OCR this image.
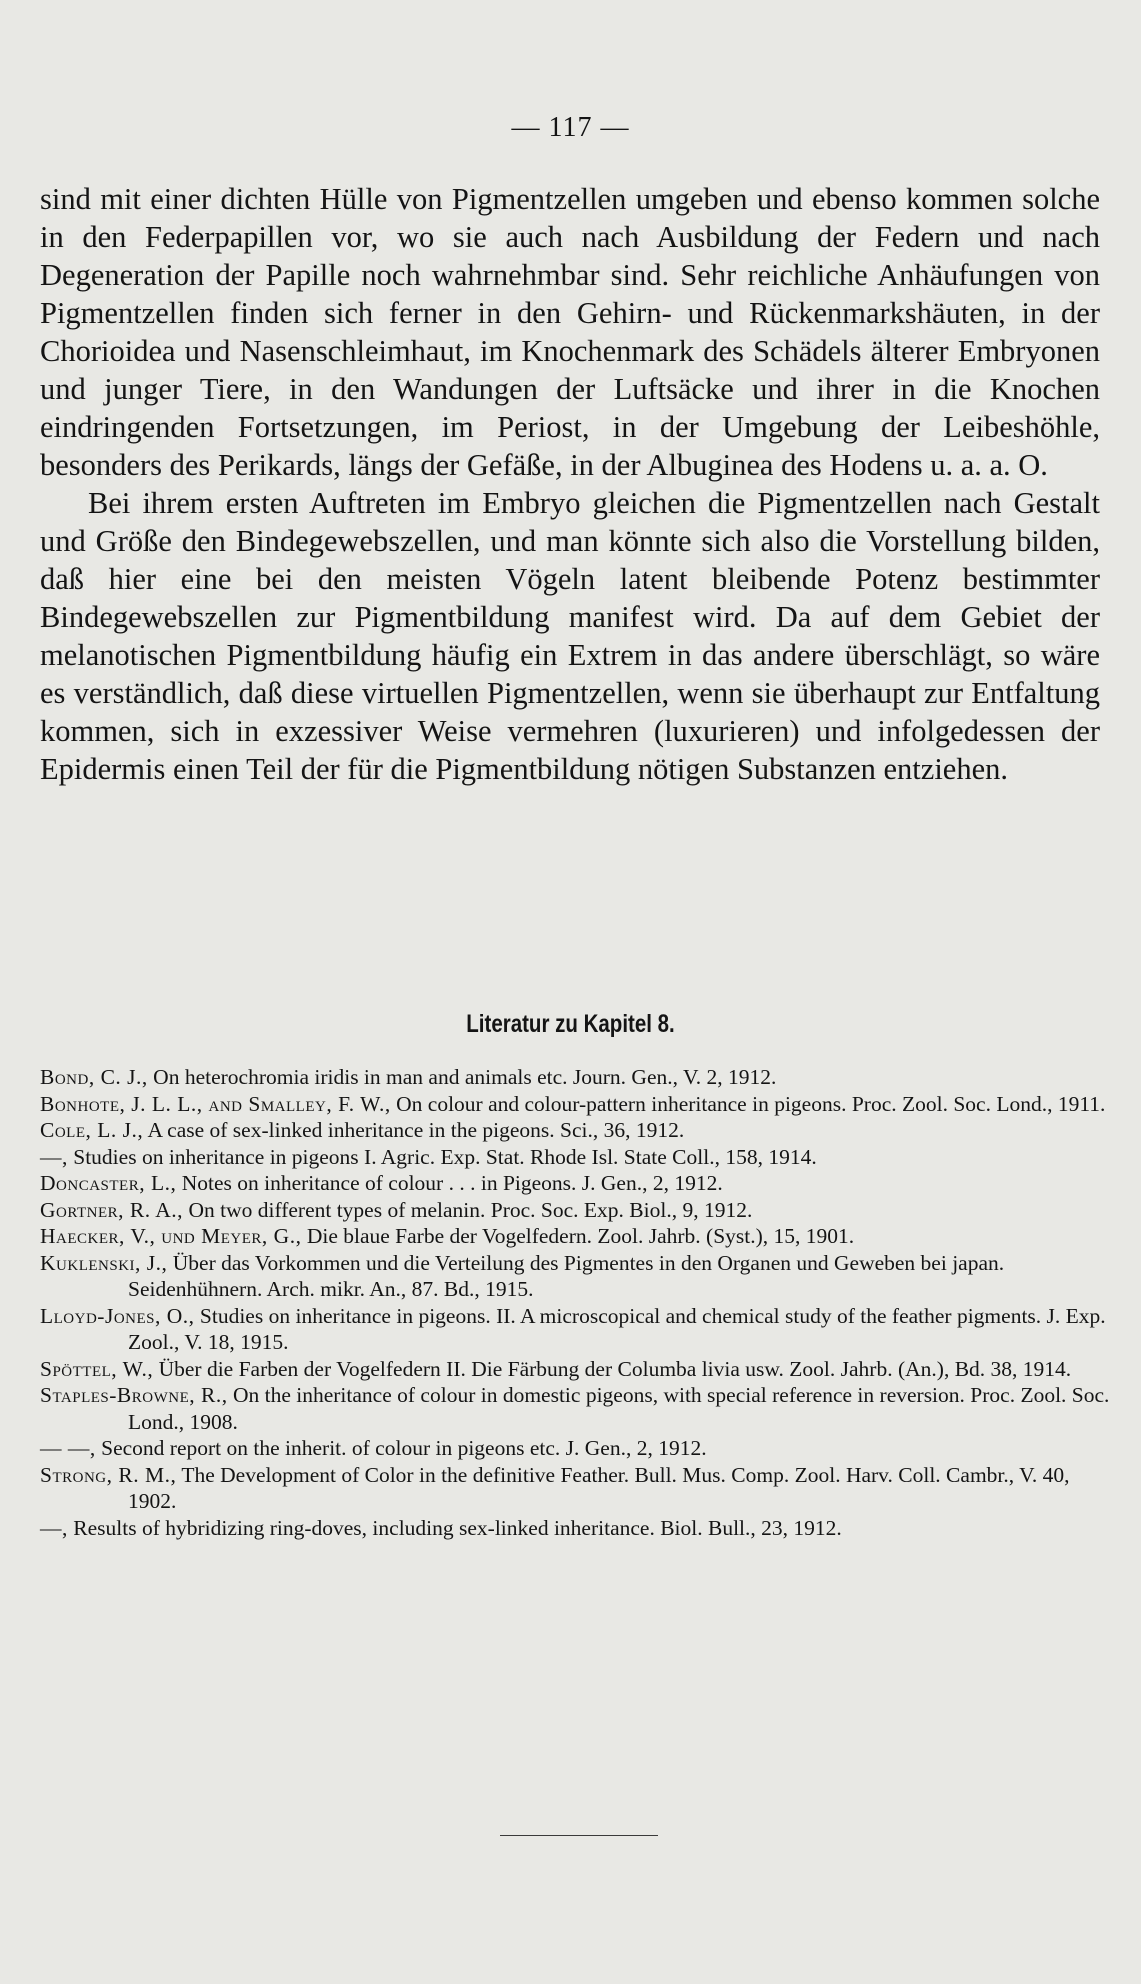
— 117 —

sind mit einer dichten Hülle von Pigmentzellen umgeben und ebenso kommen solche in den Federpapillen vor, wo sie auch nach Ausbildung der Federn und nach Degeneration der Papille noch wahrnehmbar sind. Sehr reichliche Anhäufungen von Pigmentzellen finden sich ferner in den Gehirn- und Rückenmarkshäuten, in der Chorioidea und Nasenschleimhaut, im Knochenmark des Schädels älterer Embryonen und junger Tiere, in den Wandungen der Luftsäcke und ihrer in die Knochen eindringenden Fortsetzungen, im Periost, in der Umgebung der Leibeshöhle, besonders des Perikards, längs der Gefäße, in der Albuginea des Hodens u. a. a. O.

Bei ihrem ersten Auftreten im Embryo gleichen die Pigmentzellen nach Gestalt und Größe den Bindegewebszellen, und man könnte sich also die Vorstellung bilden, daß hier eine bei den meisten Vögeln latent bleibende Potenz bestimmter Bindegewebszellen zur Pigmentbildung manifest wird. Da auf dem Gebiet der melanotischen Pigmentbildung häufig ein Extrem in das andere überschlägt, so wäre es verständlich, daß diese virtuellen Pigmentzellen, wenn sie überhaupt zur Entfaltung kommen, sich in exzessiver Weise vermehren (luxurieren) und infolgedessen der Epidermis einen Teil der für die Pigmentbildung nötigen Substanzen entziehen.

Literatur zu Kapitel 8.
Bond, C. J., On heterochromia iridis in man and animals etc. Journ. Gen., V. 2, 1912.
Bonhote, J. L. L., and Smalley, F. W., On colour and colour-pattern inheritance in pigeons. Proc. Zool. Soc. Lond., 1911.
Cole, L. J., A case of sex-linked inheritance in the pigeons. Sci., 36, 1912.
—, Studies on inheritance in pigeons I. Agric. Exp. Stat. Rhode Isl. State Coll., 158, 1914.
Doncaster, L., Notes on inheritance of colour . . . in Pigeons. J. Gen., 2, 1912.
Gortner, R. A., On two different types of melanin. Proc. Soc. Exp. Biol., 9, 1912.
Haecker, V., und Meyer, G., Die blaue Farbe der Vogelfedern. Zool. Jahrb. (Syst.), 15, 1901.
Kuklenski, J., Über das Vorkommen und die Verteilung des Pigmentes in den Organen und Geweben bei japan. Seidenhühnern. Arch. mikr. An., 87. Bd., 1915.
Lloyd-Jones, O., Studies on inheritance in pigeons. II. A microscopical and chemical study of the feather pigments. J. Exp. Zool., V. 18, 1915.
Spöttel, W., Über die Farben der Vogelfedern II. Die Färbung der Columba livia usw. Zool. Jahrb. (An.), Bd. 38, 1914.
Staples-Browne, R., On the inheritance of colour in domestic pigeons, with special reference in reversion. Proc. Zool. Soc. Lond., 1908.
— —, Second report on the inherit. of colour in pigeons etc. J. Gen., 2, 1912.
Strong, R. M., The Development of Color in the definitive Feather. Bull. Mus. Comp. Zool. Harv. Coll. Cambr., V. 40, 1902.
—, Results of hybridizing ring-doves, including sex-linked inheritance. Biol. Bull., 23, 1912.
